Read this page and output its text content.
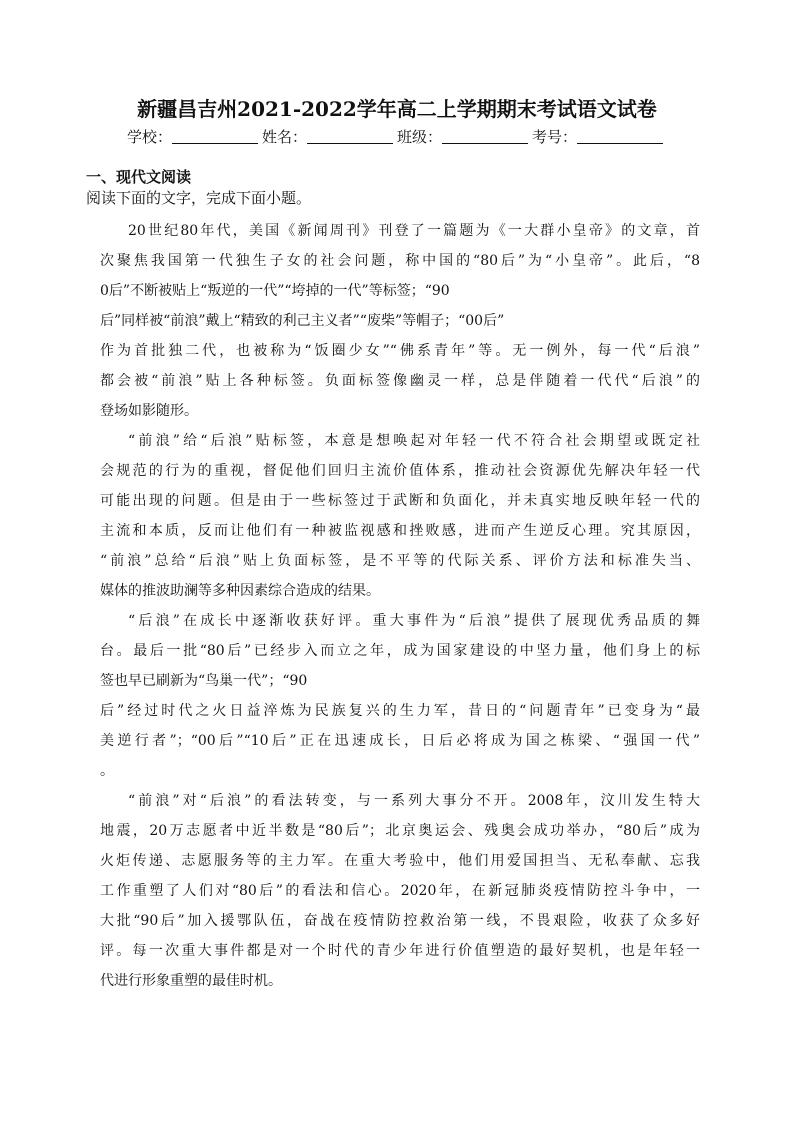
新疆昌吉州2021-2022学年高二上学期期末考试语文试卷
学校：	姓名：	班级：	考号：
一、现代文阅读
阅读下面的文字，完成下面小题。
20世纪80年代，美国《新闻周刊》刊登了一篇题为《一大群小皇帝》的文章，首
次聚焦我国第一代独生子女的社会问题，称中国的“80后”为“小皇帝”。此后，“8
0后”不断被贴上“叛逆的一代”“垮掉的一代”等标签；“90
后”同样被“前浪”戴上“精致的利己主义者”“废柴”等帽子；“00后”
作为首批独二代，也被称为“饭圈少女”“佛系青年”等。无一例外，每一代“后浪”
都会被“前浪”贴上各种标签。负面标签像幽灵一样，总是伴随着一代代“后浪”的
登场如影随形。
“前浪”给“后浪”贴标签，本意是想唤起对年轻一代不符合社会期望或既定社
会规范的行为的重视，督促他们回归主流价值体系，推动社会资源优先解决年轻一代
可能出现的问题。但是由于一些标签过于武断和负面化，并未真实地反映年轻一代的
主流和本质，反而让他们有一种被监视感和挫败感，进而产生逆反心理。究其原因，
“前浪”总给“后浪”贴上负面标签，是不平等的代际关系、评价方法和标准失当、
媒体的推波助澜等多种因素综合造成的结果。
“后浪”在成长中逐渐收获好评。重大事件为“后浪”提供了展现优秀品质的舞
台。最后一批“80后”已经步入而立之年，成为国家建设的中坚力量，他们身上的标
签也早已刷新为“鸟巢一代”；“90
后”经过时代之火日益淬炼为民族复兴的生力军，昔日的“问题青年”已变身为“最
美逆行者”；“00后”“10后”正在迅速成长，日后必将成为国之栋梁、“强国一代”
。
“前浪”对“后浪”的看法转变，与一系列大事分不开。2008年，汶川发生特大
地震，20万志愿者中近半数是“80后”；北京奥运会、残奥会成功举办，“80后”成为
火炬传递、志愿服务等的主力军。在重大考验中，他们用爱国担当、无私奉献、忘我
工作重塑了人们对“80后”的看法和信心。2020年，在新冠肺炎疫情防控斗争中，一
大批“90后”加入援鄂队伍，奋战在疫情防控救治第一线，不畏艰险，收获了众多好
评。每一次重大事件都是对一个时代的青少年进行价值塑造的最好契机，也是年轻一
代进行形象重塑的最佳时机。
